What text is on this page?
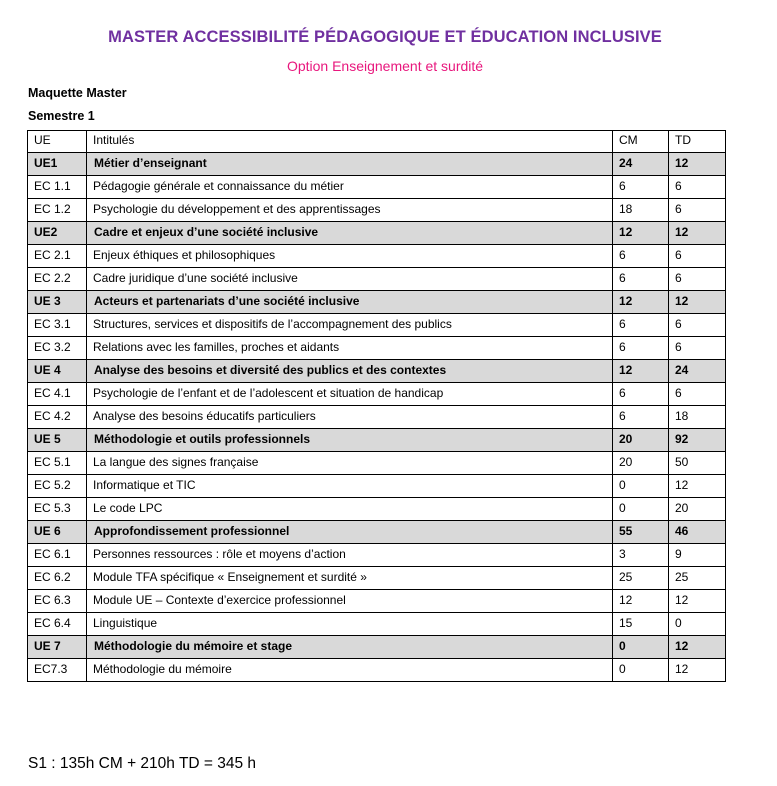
MASTER ACCESSIBILITÉ PÉDAGOGIQUE ET ÉDUCATION INCLUSIVE
Option Enseignement et surdité
Maquette Master
Semestre 1
UE	Intitulés	CM	TD
UE1	Métier d’enseignant	24	12
EC 1.1	Pédagogie générale et connaissance du métier	6	6
EC 1.2	Psychologie du développement et des apprentissages	18	6
UE2	Cadre et enjeux d’une société inclusive	12	12
EC 2.1	Enjeux éthiques et philosophiques	6	6
EC 2.2	Cadre juridique d’une société inclusive	6	6
UE 3	Acteurs et partenariats d’une société inclusive	12	12
EC 3.1	Structures, services et dispositifs de l’accompagnement des publics	6	6
EC 3.2	Relations avec les familles, proches et aidants	6	6
UE 4	Analyse des besoins et diversité des publics et des contextes	12	24
EC 4.1	Psychologie de l’enfant et de l’adolescent et situation de handicap	6	6
EC 4.2	Analyse des besoins éducatifs particuliers	6	18
UE 5	Méthodologie et outils professionnels	20	92
EC 5.1	La langue des signes française	20	50
EC 5.2	Informatique et TIC	0	12
EC 5.3	Le code LPC	0	20
UE 6	Approfondissement professionnel	55	46
EC 6.1	Personnes ressources : rôle et moyens d’action	3	9
EC 6.2	Module TFA spécifique « Enseignement et surdité »	25	25
EC 6.3	Module UE – Contexte d’exercice professionnel	12	12
EC 6.4	Linguistique	15	0
UE 7	Méthodologie du mémoire et stage	0	12
EC7.3	Méthodologie du mémoire	0	12
S1 : 135h CM + 210h TD = 345 h
